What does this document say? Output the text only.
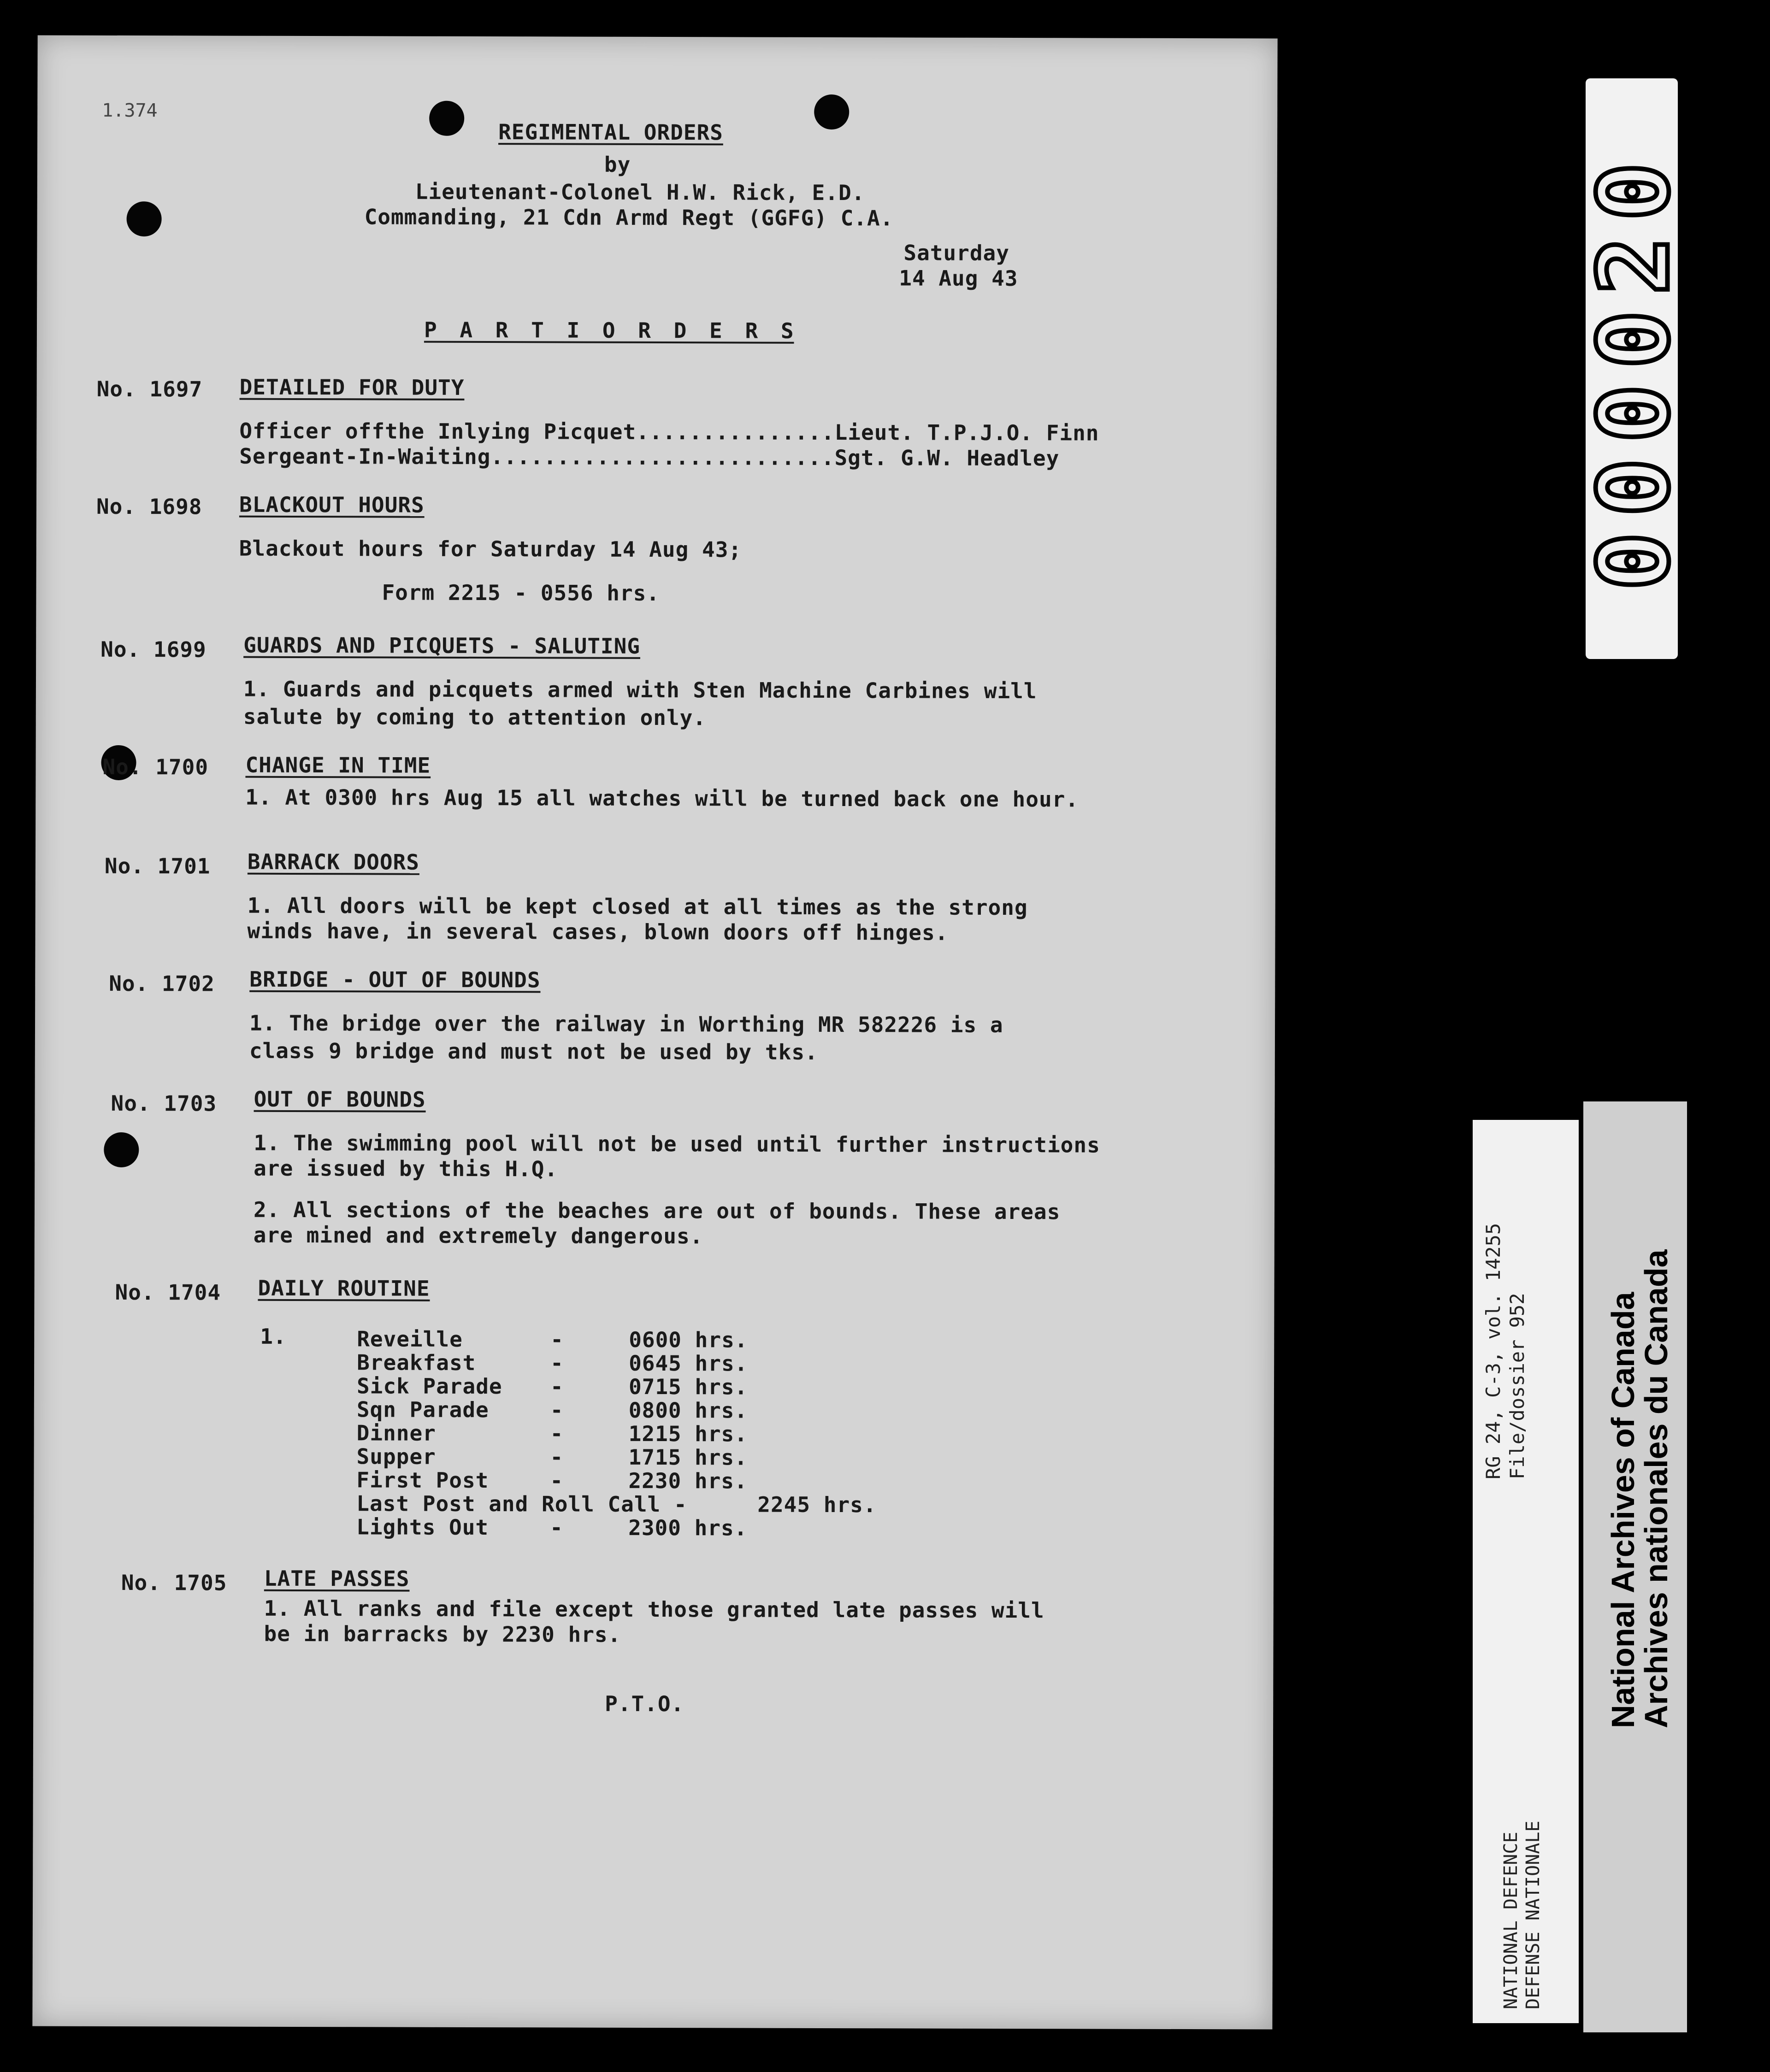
1.374
REGIMENTAL ORDERS
by
Lieutenant-Colonel H.W. Rick, E.D.
Commanding, 21 Cdn Armd Regt (GGFG) C.A.
Saturday
14 Aug 43
P A R T I O R D E R S
No. 1697 DETAILED FOR DUTY
Officer offthe Inlying Picquet...............Lieut. T.P.J.O. Finn
Sergeant-In-Waiting..........................Sgt. G.W. Headley
No. 1698 BLACKOUT HOURS
Blackout hours for Saturday 14 Aug 43;
Form 2215 - 0556 hrs.
No. 1699 GUARDS AND PICQUETS - SALUTING
1. Guards and picquets armed with Sten Machine Carbines will
salute by coming to attention only.
No. 1700 CHANGE IN TIME
1. At 0300 hrs Aug 15 all watches will be turned back one hour.
No. 1701 BARRACK DOORS
1. All doors will be kept closed at all times as the strong
winds have, in several cases, blown doors off hinges.
No. 1702 BRIDGE - OUT OF BOUNDS
1. The bridge over the railway in Worthing MR 582226 is a
class 9 bridge and must not be used by tks.
No. 1703 OUT OF BOUNDS
1. The swimming pool will not be used until further instructions
are issued by this H.Q.
2. All sections of the beaches are out of bounds. These areas
are mined and extremely dangerous.
No. 1704 DAILY ROUTINE
1.	Reveille	-	0600 hrs.
Breakfast	-	0645 hrs.
Sick Parade -	0715 hrs.
Sqn Parade	-	0800 hrs.
Dinner	-	1215 hrs.
Supper	-	1715 hrs.
First Post	-	2230 hrs.
Last Post and Roll Call -	2245 hrs.
Lights Out	-	2300 hrs.
No. 1705 LATE PASSES
1. All ranks and file except those granted late passes will
be in barracks by 2230 hrs.
P.T.O.
000020
RG 24, C-3, vol. 14255 File/dossier 952
NATIONAL DEFENCE DEFENSE NATIONALE
National Archives of Canada
Archives nationales du Canada
